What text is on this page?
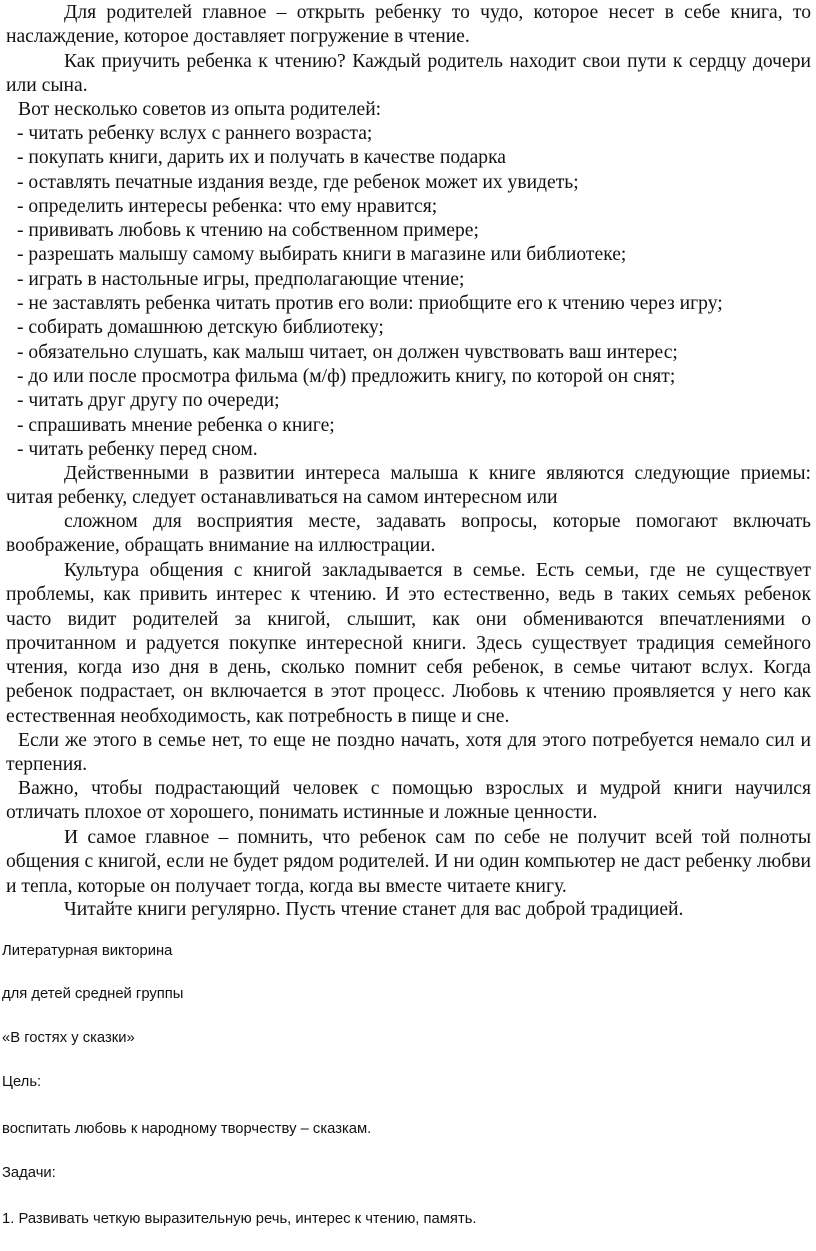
Для родителей главное – открыть ребенку то чудо, которое несет в себе книга, то наслаждение, которое доставляет погружение в чтение.

Как приучить ребенка к чтению? Каждый родитель находит свои пути к сердцу дочери или сына.

Вот несколько советов из опыта родителей:

- читать ребенку вслух с раннего возраста;
- покупать книги, дарить их и получать в качестве подарка
- оставлять печатные издания везде, где ребенок может их увидеть;
- определить интересы ребенка: что ему нравится;
- прививать любовь к чтению на собственном примере;
- разрешать малышу самому выбирать книги в магазине или библиотеке;
- играть в настольные игры, предполагающие чтение;
- не заставлять ребенка читать против его воли: приобщите его к чтению через игру;
- собирать домашнюю детскую библиотеку;
- обязательно слушать, как малыш читает, он должен чувствовать ваш интерес;
- до или после просмотра фильма (м/ф) предложить книгу, по которой он снят;
- читать друг другу по очереди;
- спрашивать мнение ребенка о книге;
- читать ребенку перед сном.

Действенными в развитии интереса малыша к книге являются следующие приемы: читая ребенку, следует останавливаться на самом интересном или

сложном для восприятия месте, задавать вопросы, которые помогают включать воображение, обращать внимание на иллюстрации.

Культура общения с книгой закладывается в семье. Есть семьи, где не существует проблемы, как привить интерес к чтению. И это естественно, ведь в таких семьях ребенок часто видит родителей за книгой, слышит, как они обмениваются впечатлениями о прочитанном и радуется покупке интересной книги. Здесь существует традиция семейного чтения, когда изо дня в день, сколько помнит себя ребенок, в семье читают вслух. Когда ребенок подрастает, он включается в этот процесс. Любовь к чтению проявляется у него как естественная необходимость, как потребность в пище и сне.

Если же этого в семье нет, то еще не поздно начать, хотя для этого потребуется немало сил и терпения.

Важно, чтобы подрастающий человек с помощью взрослых и мудрой книги научился отличать плохое от хорошего, понимать истинные и ложные ценности.

И самое главное – помнить, что ребенок сам по себе не получит всей той полноты общения с книгой, если не будет рядом родителей. И ни один компьютер не даст ребенку любви и тепла, которые он получает тогда, когда вы вместе читаете книгу.

Читайте книги регулярно. Пусть чтение станет для вас доброй традицией.

Литературная викторина
для детей средней группы
«В гостях у сказки»
Цель:
воспитать любовь к народному творчеству – сказкам.
Задачи:
1. Развивать четкую выразительную речь, интерес к чтению, память.
